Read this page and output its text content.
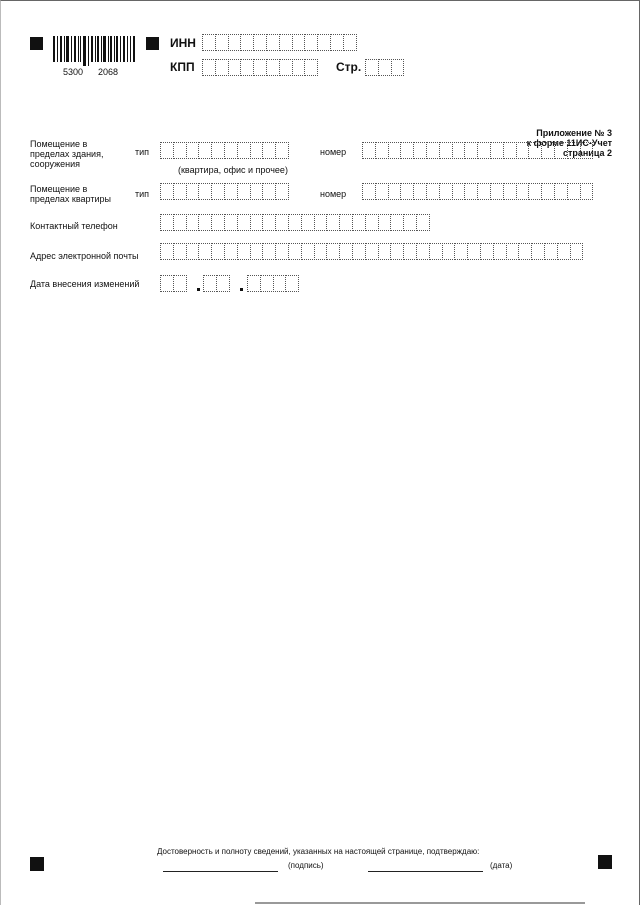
5300 2068
ИНН
КПП	Стр.
Приложение № 3
к форме 11ИС-Учет
страница 2
Помещение в
пределах здания,
сооружения
тип	номер
(квартира, офис и прочее)
Помещение в
пределах квартиры	тип	номер
Контактный телефон
Адрес электронной почты
Дата внесения изменений
Достоверность и полноту сведений, указанных на настоящей странице, подтверждаю:
(подпись)	(дата)
